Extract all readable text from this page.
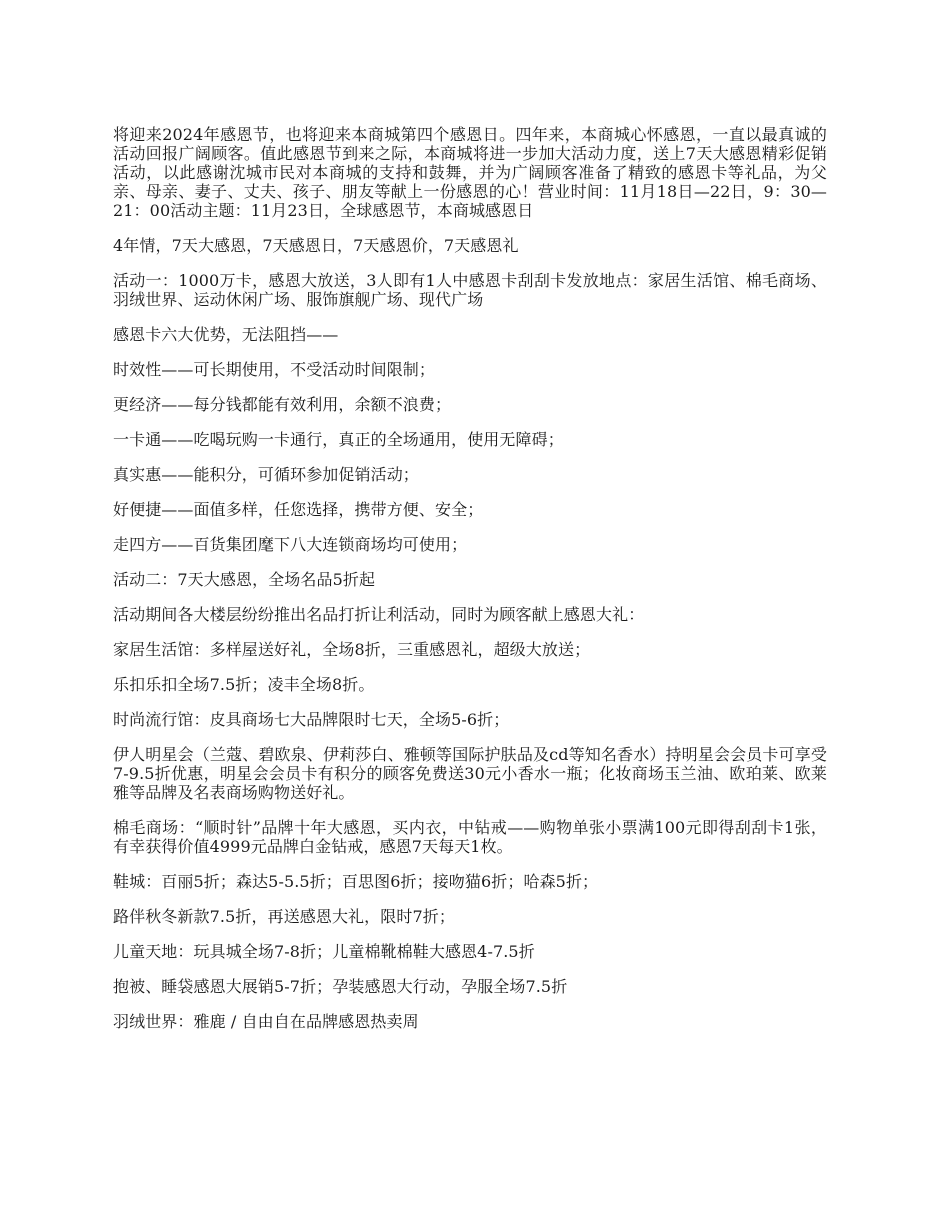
将迎来2024年感恩节，也将迎来本商城第四个感恩日。四年来，本商城心怀感恩，一直以最真诚的活动回报广阔顾客。值此感恩节到来之际，本商城将进一步加大活动力度，送上7天大感恩精彩促销活动，以此感谢沈城市民对本商城的支持和鼓舞，并为广阔顾客准备了精致的感恩卡等礼品，为父亲、母亲、妻子、丈夫、孩子、朋友等献上一份感恩的心！营业时间：11月18日—22日，9：30—21：00活动主题：11月23日，全球感恩节，本商城感恩日

4年情，7天大感恩，7天感恩日，7天感恩价，7天感恩礼

活动一：1000万卡，感恩大放送，3人即有1人中感恩卡刮刮卡发放地点：家居生活馆、棉毛商场、羽绒世界、运动休闲广场、服饰旗舰广场、现代广场

感恩卡六大优势，无法阻挡——

时效性——可长期使用，不受活动时间限制；

更经济——每分钱都能有效利用，余额不浪费；

一卡通——吃喝玩购一卡通行，真正的全场通用，使用无障碍；

真实惠——能积分，可循环参加促销活动；

好便捷——面值多样，任您选择，携带方便、安全；

走四方——百货集团麾下八大连锁商场均可使用；

活动二：7天大感恩，全场名品5折起

活动期间各大楼层纷纷推出名品打折让利活动，同时为顾客献上感恩大礼：

家居生活馆：多样屋送好礼，全场8折，三重感恩礼，超级大放送；

乐扣乐扣全场7.5折；凌丰全场8折。

时尚流行馆：皮具商场七大品牌限时七天，全场5-6折；

伊人明星会（兰蔻、碧欧泉、伊莉莎白、雅顿等国际护肤品及cd等知名香水）持明星会会员卡可享受7-9.5折优惠，明星会会员卡有积分的顾客免费送30元小香水一瓶；化妆商场玉兰油、欧珀莱、欧莱雅等品牌及名表商场购物送好礼。

棉毛商场：“顺时针”品牌十年大感恩，买内衣，中钻戒——购物单张小票满100元即得刮刮卡1张，有幸获得价值4999元品牌白金钻戒，感恩7天每天1枚。

鞋城：百丽5折；森达5-5.5折；百思图6折；接吻猫6折；哈森5折；

路伴秋冬新款7.5折，再送感恩大礼，限时7折；

儿童天地：玩具城全场7-8折；儿童棉靴棉鞋大感恩4-7.5折

抱被、睡袋感恩大展销5-7折；孕装感恩大行动，孕服全场7.5折

羽绒世界：雅鹿 / 自由自在品牌感恩热卖周
